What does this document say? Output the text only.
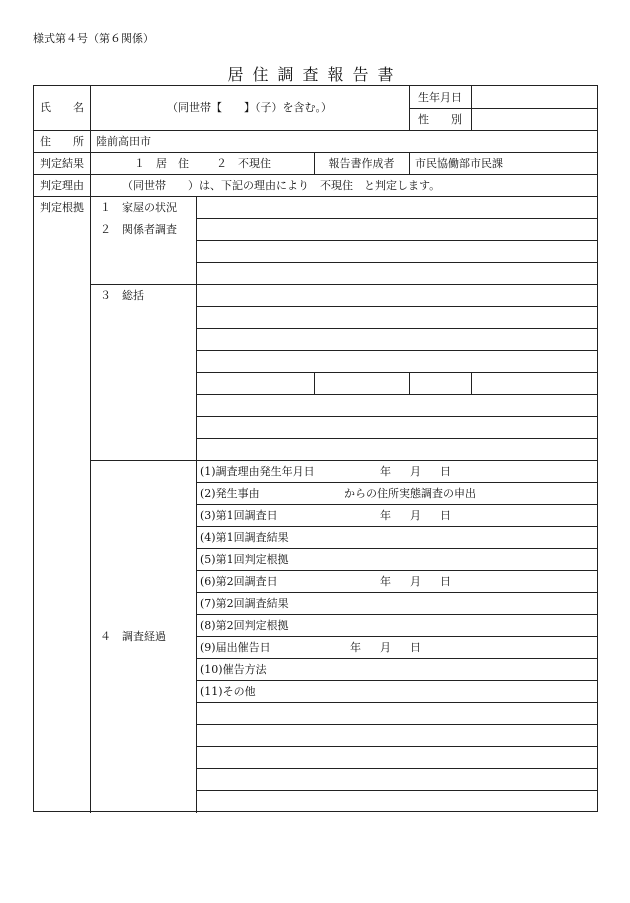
様式第４号（第６関係）
居住調査報告書
氏　　名	（同世帯【　　】（子）を含む。）
生年月日
性　　別
住　　所	陸前高田市
判定結果	１　居　住 ２　不現住	報告書作成者	市民協働部市民課
判定理由	（同世帯　　）は、下記の理由により　不現住　と判定します。
判定根拠	１　家屋の状況
２　関係者調査
３　総括
４　調査経過
(1)調査理由発生年月日	年 月 日
(2)発生事由	からの住所実態調査の申出
(3)第1回調査日	年 月 日
(4)第1回調査結果
(5)第1回判定根拠
(6)第2回調査日	年 月 日
(7)第2回調査結果
(8)第2回判定根拠
(9)届出催告日	年 月 日
(10)催告方法
(11)その他
